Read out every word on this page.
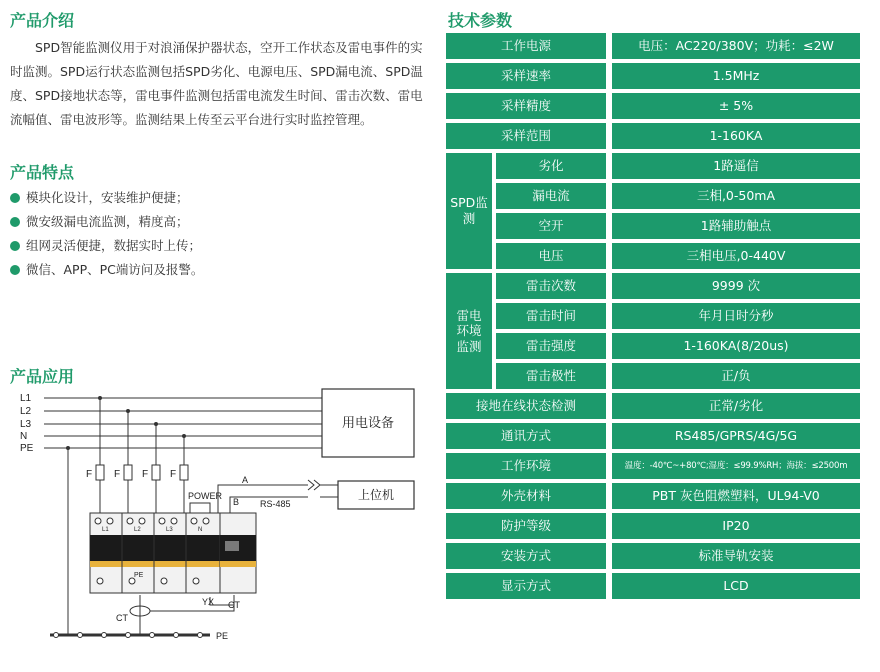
产品介绍

SPD智能监测仪用于对浪涌保护器状态，空开工作状态及雷电事件的实时监测。SPD运行状态监测包括SPD劣化、电源电压、SPD漏电流、SPD温度、SPD接地状态等，雷电事件监测包括雷电流发生时间、雷击次数、雷电流幅值、雷电波形等。监测结果上传至云平台进行实时监控管理。

产品特点
模块化设计，安装维护便捷；
微安级漏电流监测，精度高；
组网灵活便捷，数据实时上传；
微信、APP、PC端访问及报警。
产品应用
L1
L2
L3
N
PE
F F F F
POWER
A
B RS-485
PE
YX CT
CT
PE
L1	L2	L3	N
用电设备
上位机
技术参数
工作电源	电压：AC220/380V；功耗：≤2W
采样速率	1.5MHz
采样精度	± 5%
采样范围	1-160KA
SPD监测
劣化	1路遥信
漏电流	三相,0-50mA
空开	1路辅助触点
电压	三相电压,0-440V
雷电环境监测
雷击次数	9999 次
雷击时间	年月日时分秒
雷击强度	1-160KA(8/20us)
雷击极性	正/负
接地在线状态检测	正常/劣化
通讯方式	RS485/GPRS/4G/5G
工作环境	温度：-40℃~+80℃;湿度：≤99.9%RH；海拔：≤2500m
外壳材料	PBT 灰色阻燃塑料，UL94-V0
防护等级	IP20
安装方式	标准导轨安装
显示方式	LCD
